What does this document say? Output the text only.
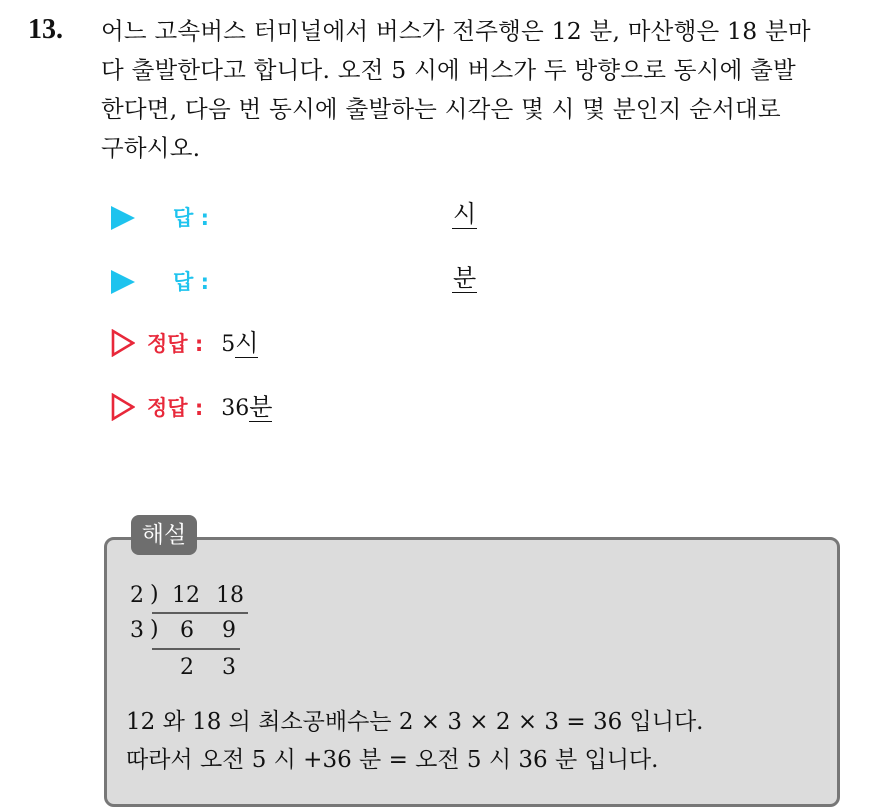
13. 어느 고속버스 터미널에서 버스가 전주행은 12 분, 마산행은 18 분마
다 출발한다고 합니다. 오전 5 시에 버스가 두 방향으로 동시에 출발
한다면, 다음 번 동시에 출발하는 시각은 몇 시 몇 분인지 순서대로
구하시오.
답 :	시
답 :	분
정답 : 5시
정답 : 36분
해설
2 ) 12 18
3 ) 6 9
2 3
12 와 18 의 최소공배수는 2 × 3 × 2 × 3 = 36 입니다.
따라서 오전 5 시 +36 분 = 오전 5 시 36 분 입니다.
